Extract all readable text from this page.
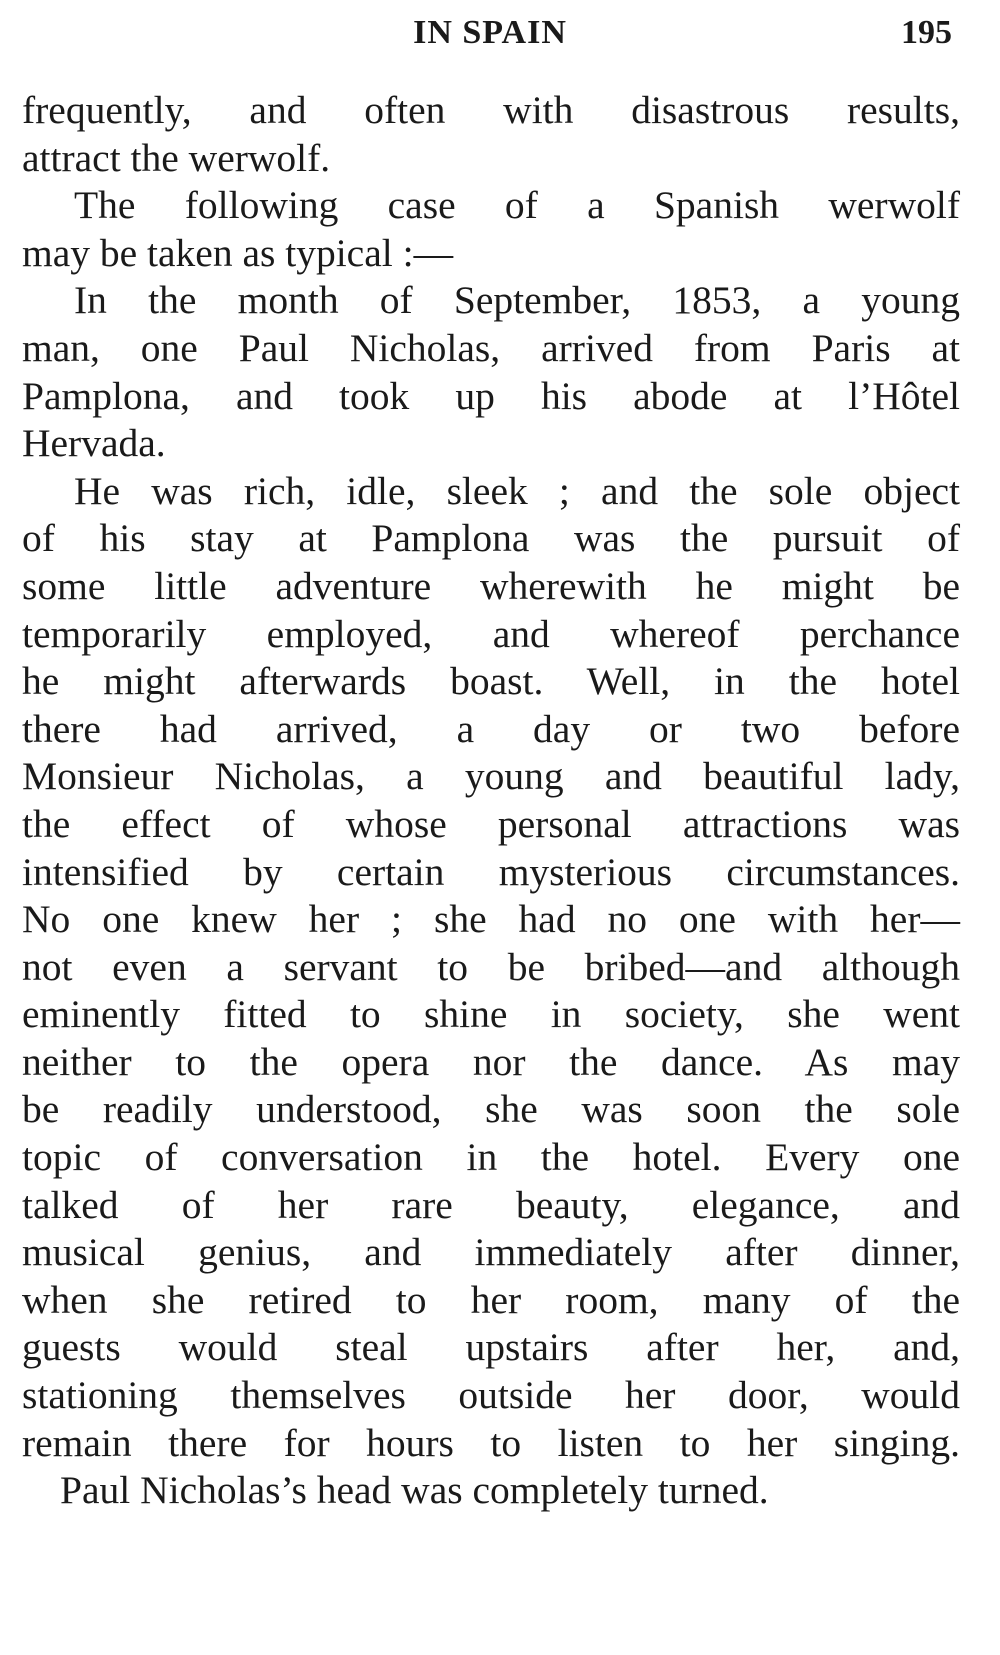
IN SPAIN	195

frequently, and often with disastrous results,

attract the werwolf.

The following case of a Spanish werwolf

may be taken as typical :—

In the month of September, 1853, a young

man, one Paul Nicholas, arrived from Paris at

Pamplona, and took up his abode at l’Hôtel

Hervada.

He was rich, idle, sleek ; and the sole object

of his stay at Pamplona was the pursuit of

some little adventure wherewith he might be

temporarily employed, and whereof perchance

he might afterwards boast. Well, in the hotel

there had arrived, a day or two before

Monsieur Nicholas, a young and beautiful lady,

the effect of whose personal attractions was

intensified by certain mysterious circumstances.

No one knew her ; she had no one with her—

not even a servant to be bribed—and although

eminently fitted to shine in society, she went

neither to the opera nor the dance. As may

be readily understood, she was soon the sole

topic of conversation in the hotel. Every one

talked of her rare beauty, elegance, and

musical genius, and immediately after dinner,

when she retired to her room, many of the

guests would steal upstairs after her, and,

stationing themselves outside her door, would

remain there for hours to listen to her singing.

Paul Nicholas’s head was completely turned.
